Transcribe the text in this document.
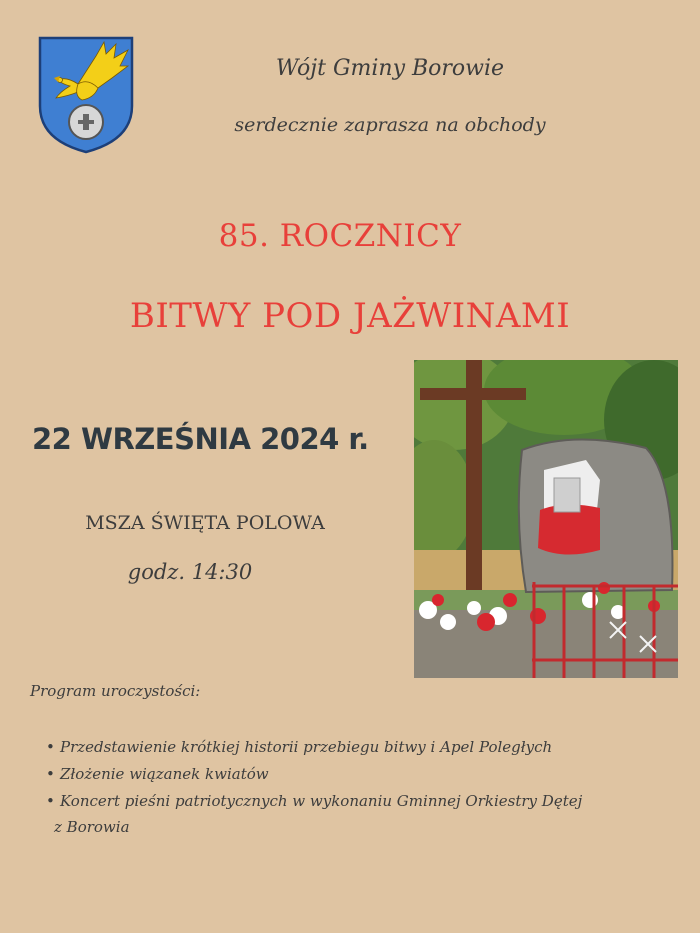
Wójt Gminy Borowie
serdecznie zaprasza na obchody
85. ROCZNICY
BITWY POD JAŻWINAMI
22 WRZEŚNIA 2024 r.
MSZA ŚWIĘTA POLOWA
godz. 14:30
Program uroczystości:
• Przedstawienie krótkiej historii przebiegu bitwy i Apel Poległych
• Złożenie wiązanek kwiatów
• Koncert pieśni patriotycznych w wykonaniu Gminnej Orkiestry Dętej
z Borowia
